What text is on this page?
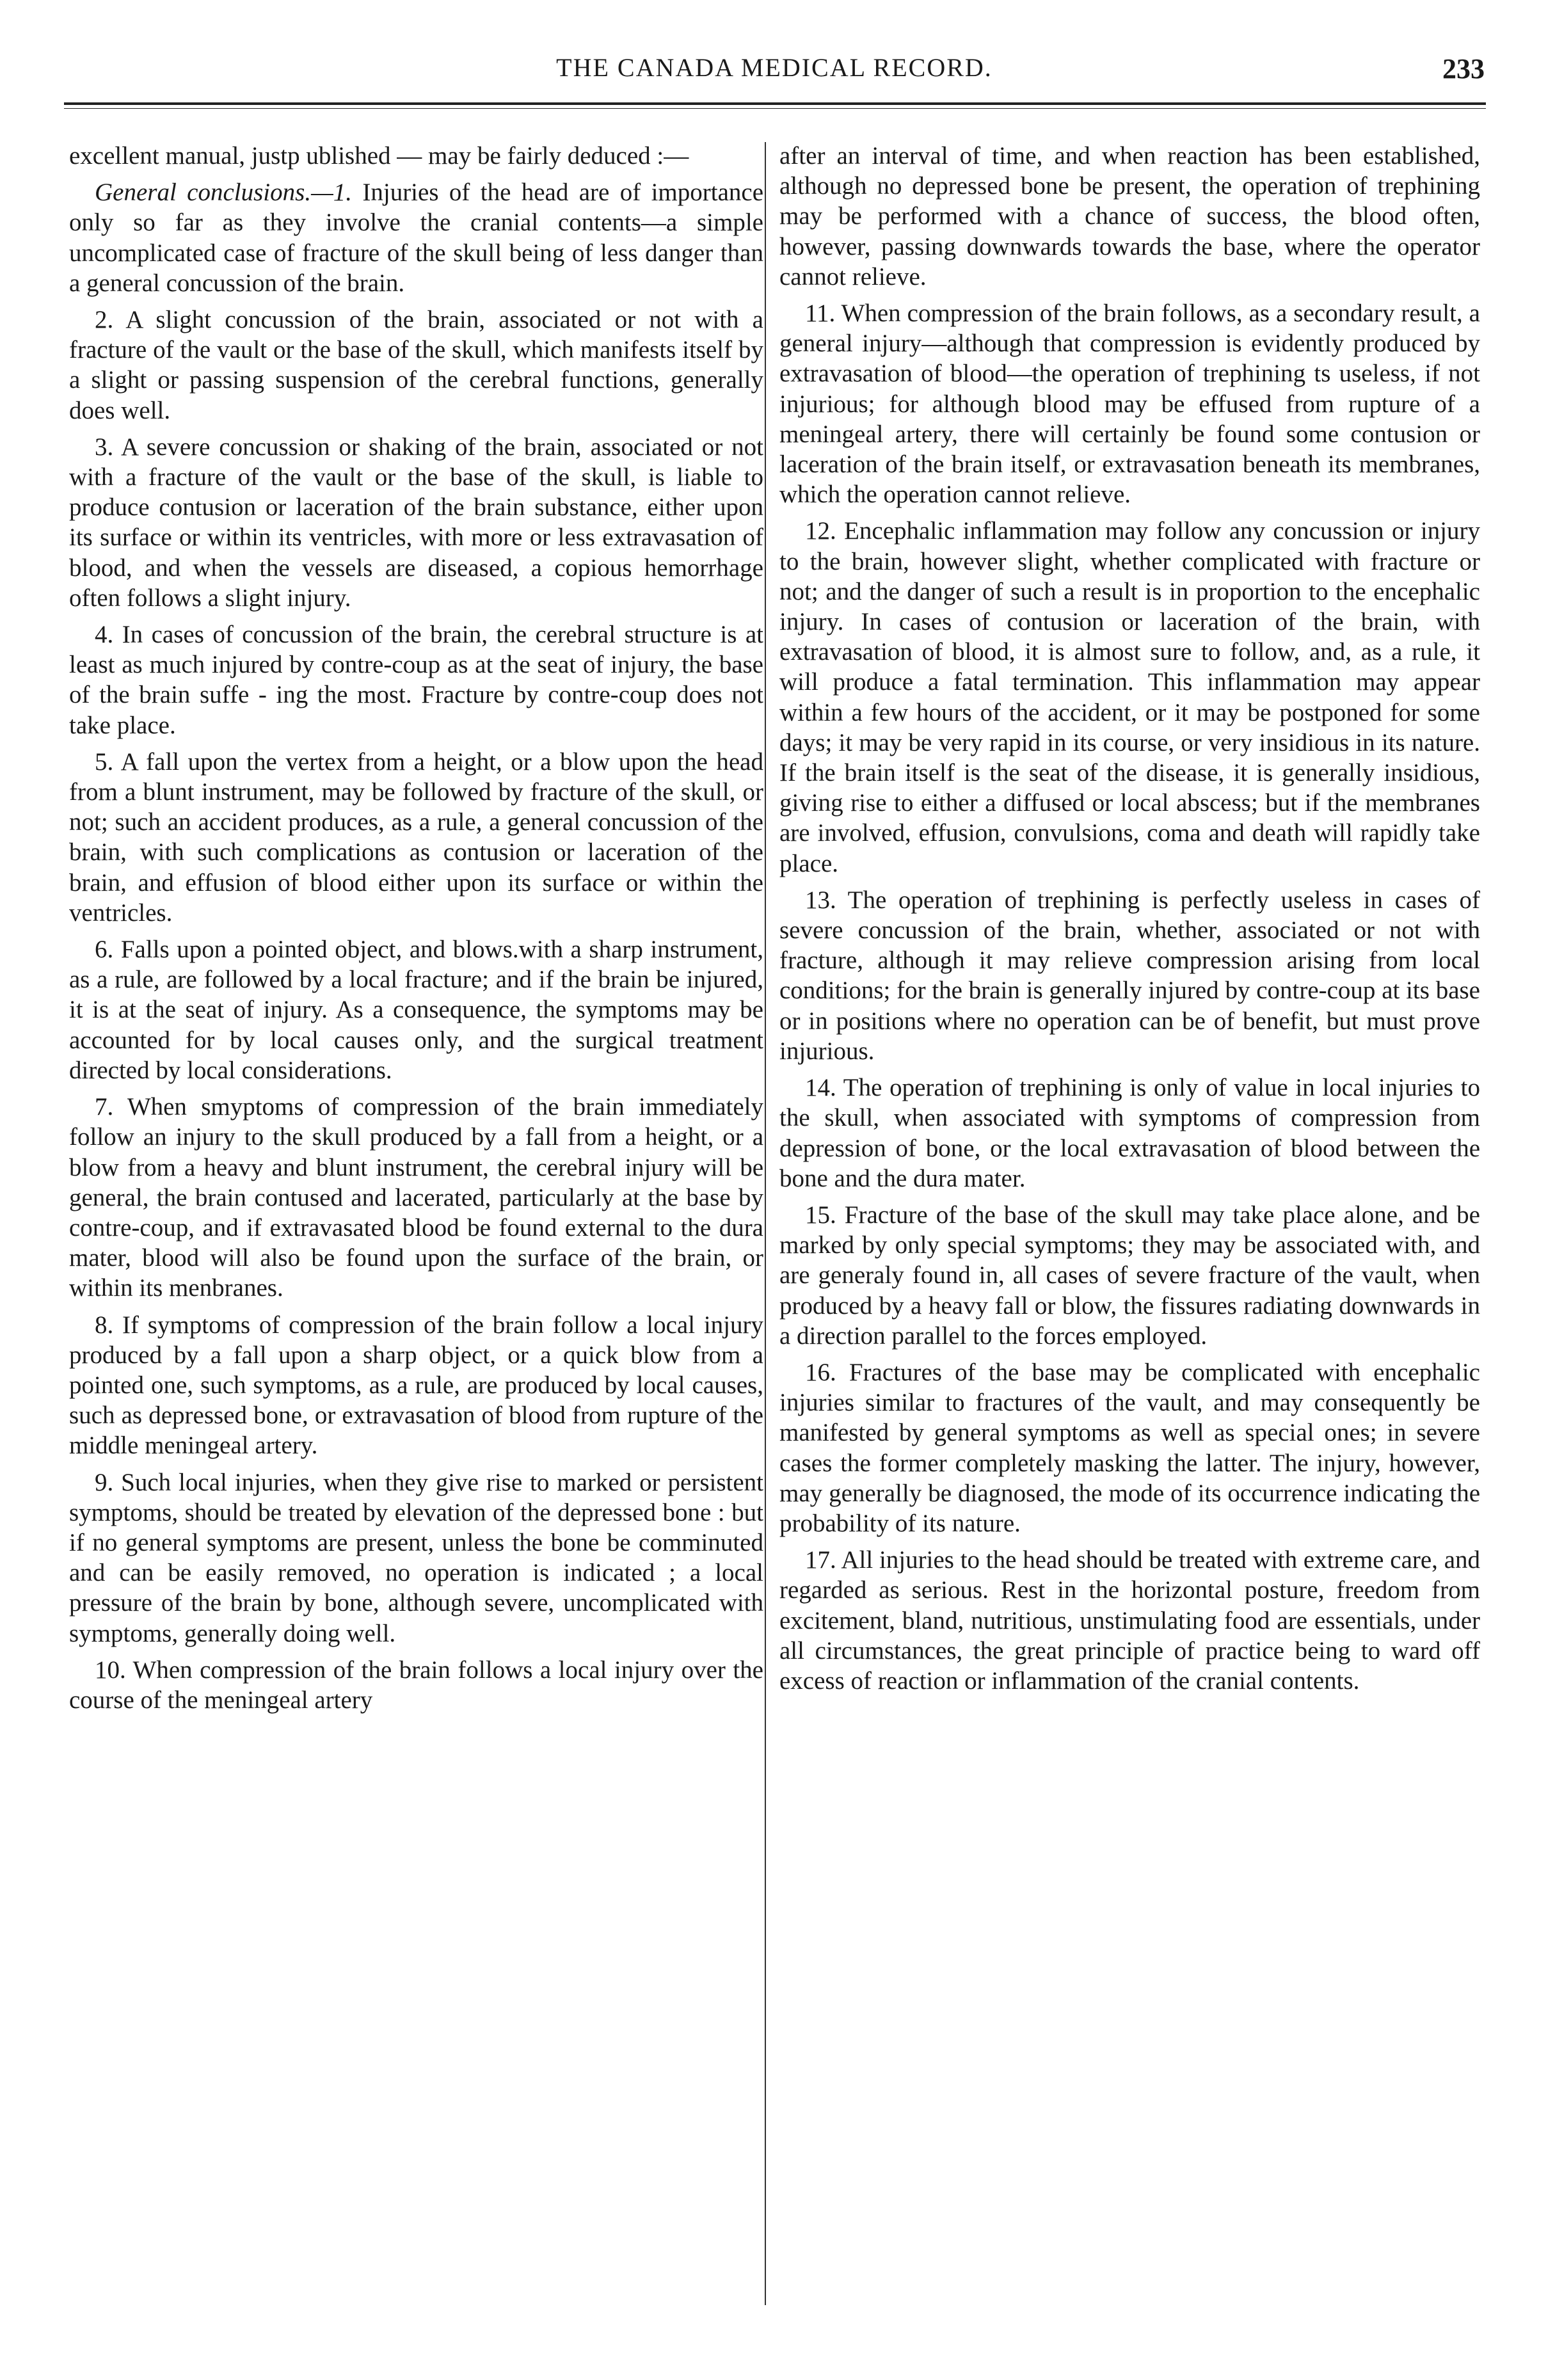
THE CANADA MEDICAL RECORD.	233

excellent manual, justp ublished — may be fairly deduced :—

General conclusions.—1. Injuries of the head are of importance only so far as they involve the cranial contents—a simple uncomplicated case of fracture of the skull being of less danger than a general concussion of the brain.

2. A slight concussion of the brain, associated or not with a fracture of the vault or the base of the skull, which manifests itself by a slight or passing suspension of the cerebral functions, generally does well.

3. A severe concussion or shaking of the brain, associated or not with a fracture of the vault or the base of the skull, is liable to produce contusion or laceration of the brain substance, either upon its surface or within its ventricles, with more or less extravasation of blood, and when the vessels are diseased, a copious hemorrhage often follows a slight injury.

4. In cases of concussion of the brain, the cerebral structure is at least as much injured by contre-coup as at the seat of injury, the base of the brain suffe - ing the most. Fracture by contre-coup does not take place.

5. A fall upon the vertex from a height, or a blow upon the head from a blunt instrument, may be followed by fracture of the skull, or not; such an accident produces, as a rule, a general concussion of the brain, with such complications as contusion or laceration of the brain, and effusion of blood either upon its surface or within the ventricles.

6. Falls upon a pointed object, and blows.with a sharp instrument, as a rule, are followed by a local fracture; and if the brain be injured, it is at the seat of injury. As a consequence, the symptoms may be accounted for by local causes only, and the surgical treatment directed by local considerations.

7. When smyptoms of compression of the brain immediately follow an injury to the skull produced by a fall from a height, or a blow from a heavy and blunt instrument, the cerebral injury will be general, the brain contused and lacerated, particularly at the base by contre-coup, and if extravasated blood be found external to the dura mater, blood will also be found upon the surface of the brain, or within its menbranes.

8. If symptoms of compression of the brain follow a local injury produced by a fall upon a sharp object, or a quick blow from a pointed one, such symptoms, as a rule, are produced by local causes, such as depressed bone, or extravasation of blood from rupture of the middle meningeal artery.

9. Such local injuries, when they give rise to marked or persistent symptoms, should be treated by elevation of the depressed bone : but if no general symptoms are present, unless the bone be comminuted and can be easily removed, no operation is indicated ; a local pressure of the brain by bone, although severe, uncomplicated with symptoms, generally doing well.

10. When compression of the brain follows a local injury over the course of the meningeal artery

after an interval of time, and when reaction has been established, although no depressed bone be present, the operation of trephining may be performed with a chance of success, the blood often, however, passing downwards towards the base, where the operator cannot relieve.

11. When compression of the brain follows, as a secondary result, a general injury—although that compression is evidently produced by extravasation of blood—the operation of trephining ts useless, if not injurious; for although blood may be effused from rupture of a meningeal artery, there will certainly be found some contusion or laceration of the brain itself, or extravasation beneath its membranes, which the operation cannot relieve.

12. Encephalic inflammation may follow any concussion or injury to the brain, however slight, whether complicated with fracture or not; and the danger of such a result is in proportion to the encephalic injury. In cases of contusion or laceration of the brain, with extravasation of blood, it is almost sure to follow, and, as a rule, it will produce a fatal termination. This inflammation may appear within a few hours of the accident, or it may be postponed for some days; it may be very rapid in its course, or very insidious in its nature. If the brain itself is the seat of the disease, it is generally insidious, giving rise to either a diffused or local abscess; but if the membranes are involved, effusion, convulsions, coma and death will rapidly take place.

13. The operation of trephining is perfectly useless in cases of severe concussion of the brain, whether, associated or not with fracture, although it may relieve compression arising from local conditions; for the brain is generally injured by contre-coup at its base or in positions where no operation can be of benefit, but must prove injurious.

14. The operation of trephining is only of value in local injuries to the skull, when associated with symptoms of compression from depression of bone, or the local extravasation of blood between the bone and the dura mater.

15. Fracture of the base of the skull may take place alone, and be marked by only special symptoms; they may be associated with, and are generaly found in, all cases of severe fracture of the vault, when produced by a heavy fall or blow, the fissures radiating downwards in a direction parallel to the forces employed.

16. Fractures of the base may be complicated with encephalic injuries similar to fractures of the vault, and may consequently be manifested by general symptoms as well as special ones; in severe cases the former completely masking the latter. The injury, however, may generally be diagnosed, the mode of its occurrence indicating the probability of its nature.

17. All injuries to the head should be treated with extreme care, and regarded as serious. Rest in the horizontal posture, freedom from excitement, bland, nutritious, unstimulating food are essentials, under all circumstances, the great principle of practice being to ward off excess of reaction or inflammation of the cranial contents.
